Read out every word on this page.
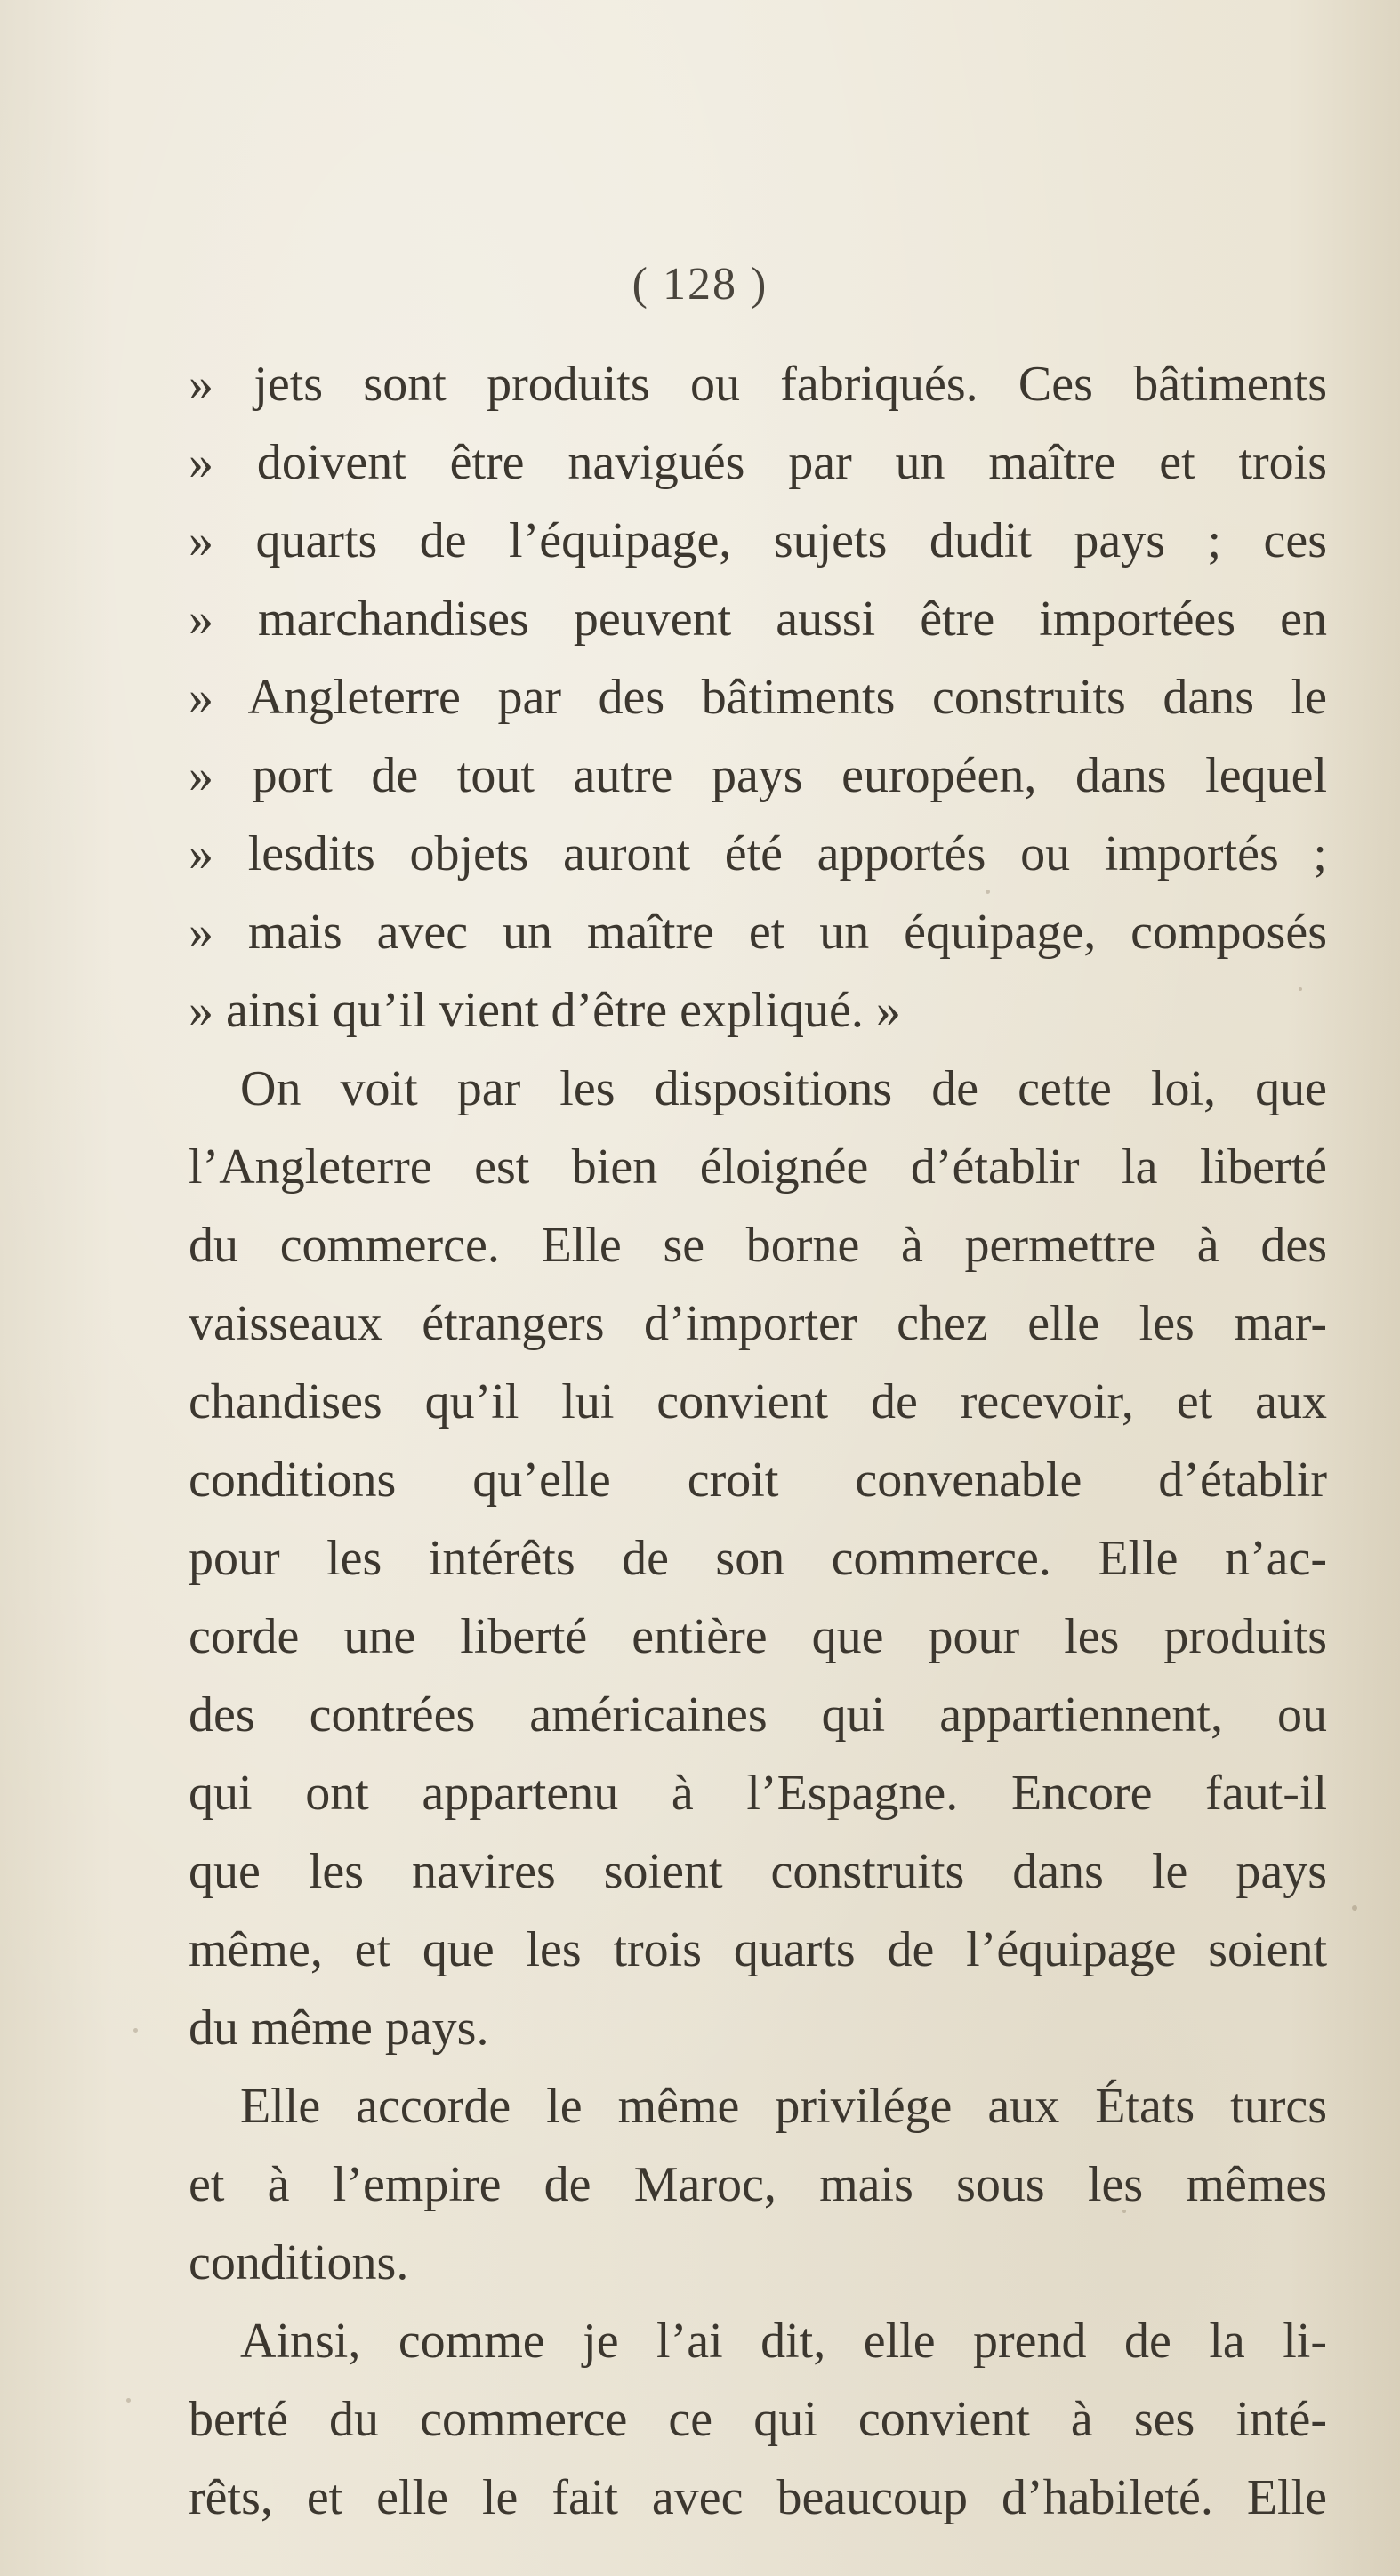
( 128 )
» jets sont produits ou fabriqués. Ces bâtiments
» doivent être navigués par un maître et trois
» quarts de l’équipage, sujets dudit pays ; ces
» marchandises peuvent aussi être importées en
» Angleterre par des bâtiments construits dans le
» port de tout autre pays européen, dans lequel
» lesdits objets auront été apportés ou importés ;
» mais avec un maître et un équipage, composés
» ainsi qu’il vient d’être expliqué. »
On voit par les dispositions de cette loi, que
l’Angleterre est bien éloignée d’établir la liberté
du commerce. Elle se borne à permettre à des
vaisseaux étrangers d’importer chez elle les mar-
chandises qu’il lui convient de recevoir, et aux
conditions qu’elle croit convenable d’établir
pour les intérêts de son commerce. Elle n’ac-
corde une liberté entière que pour les produits
des contrées américaines qui appartiennent, ou
qui ont appartenu à l’Espagne. Encore faut-il
que les navires soient construits dans le pays
même, et que les trois quarts de l’équipage soient
du même pays.
Elle accorde le même privilége aux États turcs
et à l’empire de Maroc, mais sous les mêmes
conditions.
Ainsi, comme je l’ai dit, elle prend de la li-
berté du commerce ce qui convient à ses inté-
rêts, et elle le fait avec beaucoup d’habileté. Elle
